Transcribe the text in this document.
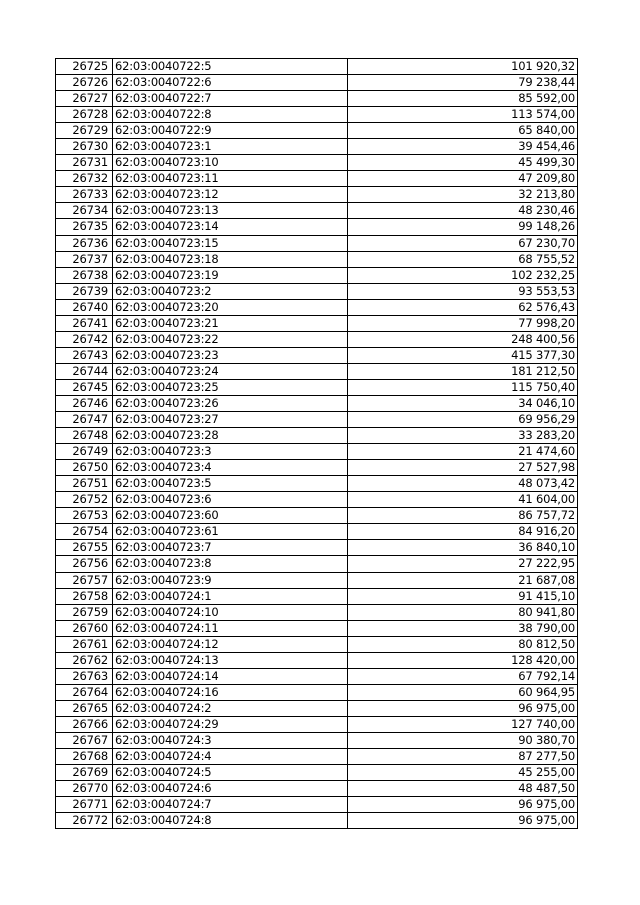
26725	62:03:0040722:5	101 920,32
26726	62:03:0040722:6	79 238,44
26727	62:03:0040722:7	85 592,00
26728	62:03:0040722:8	113 574,00
26729	62:03:0040722:9	65 840,00
26730	62:03:0040723:1	39 454,46
26731	62:03:0040723:10	45 499,30
26732	62:03:0040723:11	47 209,80
26733	62:03:0040723:12	32 213,80
26734	62:03:0040723:13	48 230,46
26735	62:03:0040723:14	99 148,26
26736	62:03:0040723:15	67 230,70
26737	62:03:0040723:18	68 755,52
26738	62:03:0040723:19	102 232,25
26739	62:03:0040723:2	93 553,53
26740	62:03:0040723:20	62 576,43
26741	62:03:0040723:21	77 998,20
26742	62:03:0040723:22	248 400,56
26743	62:03:0040723:23	415 377,30
26744	62:03:0040723:24	181 212,50
26745	62:03:0040723:25	115 750,40
26746	62:03:0040723:26	34 046,10
26747	62:03:0040723:27	69 956,29
26748	62:03:0040723:28	33 283,20
26749	62:03:0040723:3	21 474,60
26750	62:03:0040723:4	27 527,98
26751	62:03:0040723:5	48 073,42
26752	62:03:0040723:6	41 604,00
26753	62:03:0040723:60	86 757,72
26754	62:03:0040723:61	84 916,20
26755	62:03:0040723:7	36 840,10
26756	62:03:0040723:8	27 222,95
26757	62:03:0040723:9	21 687,08
26758	62:03:0040724:1	91 415,10
26759	62:03:0040724:10	80 941,80
26760	62:03:0040724:11	38 790,00
26761	62:03:0040724:12	80 812,50
26762	62:03:0040724:13	128 420,00
26763	62:03:0040724:14	67 792,14
26764	62:03:0040724:16	60 964,95
26765	62:03:0040724:2	96 975,00
26766	62:03:0040724:29	127 740,00
26767	62:03:0040724:3	90 380,70
26768	62:03:0040724:4	87 277,50
26769	62:03:0040724:5	45 255,00
26770	62:03:0040724:6	48 487,50
26771	62:03:0040724:7	96 975,00
26772	62:03:0040724:8	96 975,00
